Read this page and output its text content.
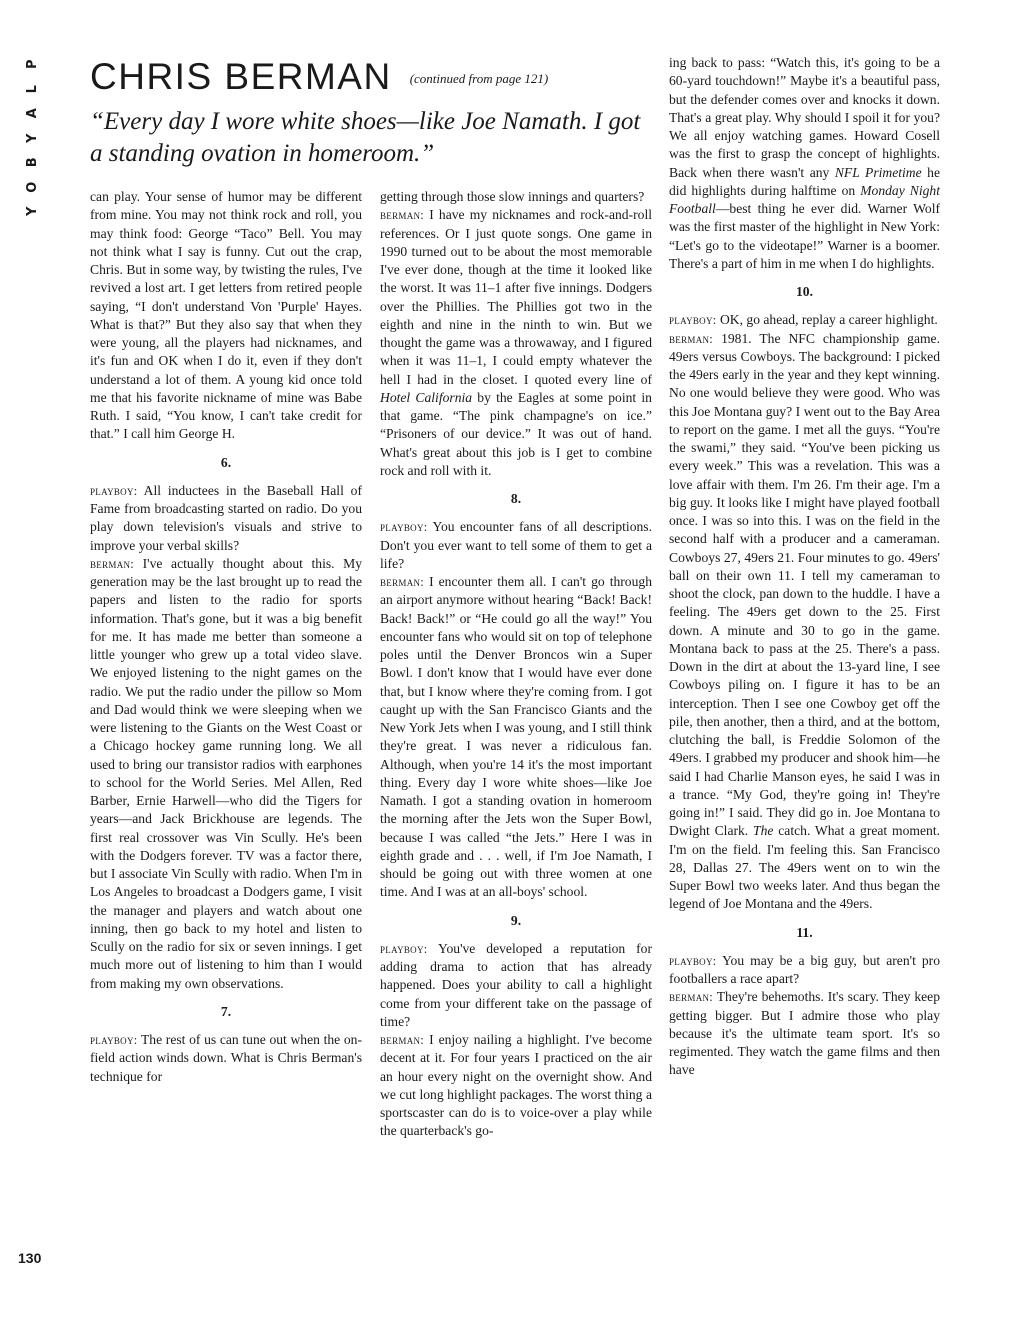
P
L
A
Y
B
O
Y
CHRIS BERMAN $^{(continued from page 121)}$
“Every day I wore white shoes—like Joe Namath. I got a standing ovation in homeroom.”

can play. Your sense of humor may be different from mine. You may not think rock and roll, you may think food: George “Taco” Bell. You may not think what I say is funny. Cut out the crap, Chris. But in some way, by twisting the rules, I've revived a lost art. I get letters from retired people saying, “I don't understand Von 'Purple' Hayes. What is that?” But they also say that when they were young, all the players had nicknames, and it's fun and OK when I do it, even if they don't understand a lot of them. A young kid once told me that his favorite nickname of mine was Babe Ruth. I said, “You know, I can't take credit for that.” I call him George H.

6.

playboy: All inductees in the Baseball Hall of Fame from broadcasting started on radio. Do you play down television's visuals and strive to improve your verbal skills?

berman: I've actually thought about this. My generation may be the last brought up to read the papers and listen to the radio for sports information. That's gone, but it was a big benefit for me. It has made me better than someone a little younger who grew up a total video slave. We enjoyed listening to the night games on the radio. We put the radio under the pillow so Mom and Dad would think we were sleeping when we were listening to the Giants on the West Coast or a Chicago hockey game running long. We all used to bring our transistor radios with earphones to school for the World Series. Mel Allen, Red Barber, Ernie Harwell—who did the Tigers for years—and Jack Brickhouse are legends. The first real crossover was Vin Scully. He's been with the Dodgers forever. TV was a factor there, but I associate Vin Scully with radio. When I'm in Los Angeles to broadcast a Dodgers game, I visit the manager and players and watch about one inning, then go back to my hotel and listen to Scully on the radio for six or seven innings. I get much more out of listening to him than I would from making my own observations.

7.

playboy: The rest of us can tune out when the on-field action winds down. What is Chris Berman's technique for

getting through those slow innings and quarters?

berman: I have my nicknames and rock-and-roll references. Or I just quote songs. One game in 1990 turned out to be about the most memorable I've ever done, though at the time it looked like the worst. It was 11–1 after five innings. Dodgers over the Phillies. The Phillies got two in the eighth and nine in the ninth to win. But we thought the game was a throwaway, and I figured when it was 11–1, I could empty whatever the hell I had in the closet. I quoted every line of Hotel California by the Eagles at some point in that game. “The pink champagne's on ice.” “Prisoners of our device.” It was out of hand. What's great about this job is I get to combine rock and roll with it.

8.

playboy: You encounter fans of all descriptions. Don't you ever want to tell some of them to get a life?

berman: I encounter them all. I can't go through an airport anymore without hearing “Back! Back! Back! Back!” or “He could go all the way!” You encounter fans who would sit on top of telephone poles until the Denver Broncos win a Super Bowl. I don't know that I would have ever done that, but I know where they're coming from. I got caught up with the San Francisco Giants and the New York Jets when I was young, and I still think they're great. I was never a ridiculous fan. Although, when you're 14 it's the most important thing. Every day I wore white shoes—like Joe Namath. I got a standing ovation in homeroom the morning after the Jets won the Super Bowl, because I was called “the Jets.” Here I was in eighth grade and . . . well, if I'm Joe Namath, I should be going out with three women at one time. And I was at an all-boys' school.

9.

playboy: You've developed a reputation for adding drama to action that has already happened. Does your ability to call a highlight come from your different take on the passage of time?

berman: I enjoy nailing a highlight. I've become decent at it. For four years I practiced on the air an hour every night on the overnight show. And we cut long highlight packages. The worst thing a sportscaster can do is to voice-over a play while the quarterback's go-

ing back to pass: “Watch this, it's going to be a 60-yard touchdown!” Maybe it's a beautiful pass, but the defender comes over and knocks it down. That's a great play. Why should I spoil it for you? We all enjoy watching games. Howard Cosell was the first to grasp the concept of highlights. Back when there wasn't any NFL Primetime he did highlights during halftime on Monday Night Football—best thing he ever did. Warner Wolf was the first master of the highlight in New York: “Let's go to the videotape!” Warner is a boomer. There's a part of him in me when I do highlights.

10.

playboy: OK, go ahead, replay a career highlight.

berman: 1981. The NFC championship game. 49ers versus Cowboys. The background: I picked the 49ers early in the year and they kept winning. No one would believe they were good. Who was this Joe Montana guy? I went out to the Bay Area to report on the game. I met all the guys. “You're the swami,” they said. “You've been picking us every week.” This was a revelation. This was a love affair with them. I'm 26. I'm their age. I'm a big guy. It looks like I might have played football once. I was so into this. I was on the field in the second half with a producer and a cameraman. Cowboys 27, 49ers 21. Four minutes to go. 49ers' ball on their own 11. I tell my cameraman to shoot the clock, pan down to the huddle. I have a feeling. The 49ers get down to the 25. First down. A minute and 30 to go in the game. Montana back to pass at the 25. There's a pass. Down in the dirt at about the 13-yard line, I see Cowboys piling on. I figure it has to be an interception. Then I see one Cowboy get off the pile, then another, then a third, and at the bottom, clutching the ball, is Freddie Solomon of the 49ers. I grabbed my producer and shook him—he said I had Charlie Manson eyes, he said I was in a trance. “My God, they're going in! They're going in!” I said. They did go in. Joe Montana to Dwight Clark. The catch. What a great moment. I'm on the field. I'm feeling this. San Francisco 28, Dallas 27. The 49ers went on to win the Super Bowl two weeks later. And thus began the legend of Joe Montana and the 49ers.

11.

playboy: You may be a big guy, but aren't pro footballers a race apart?

berman: They're behemoths. It's scary. They keep getting bigger. But I admire those who play because it's the ultimate team sport. It's so regimented. They watch the game films and then have

130
